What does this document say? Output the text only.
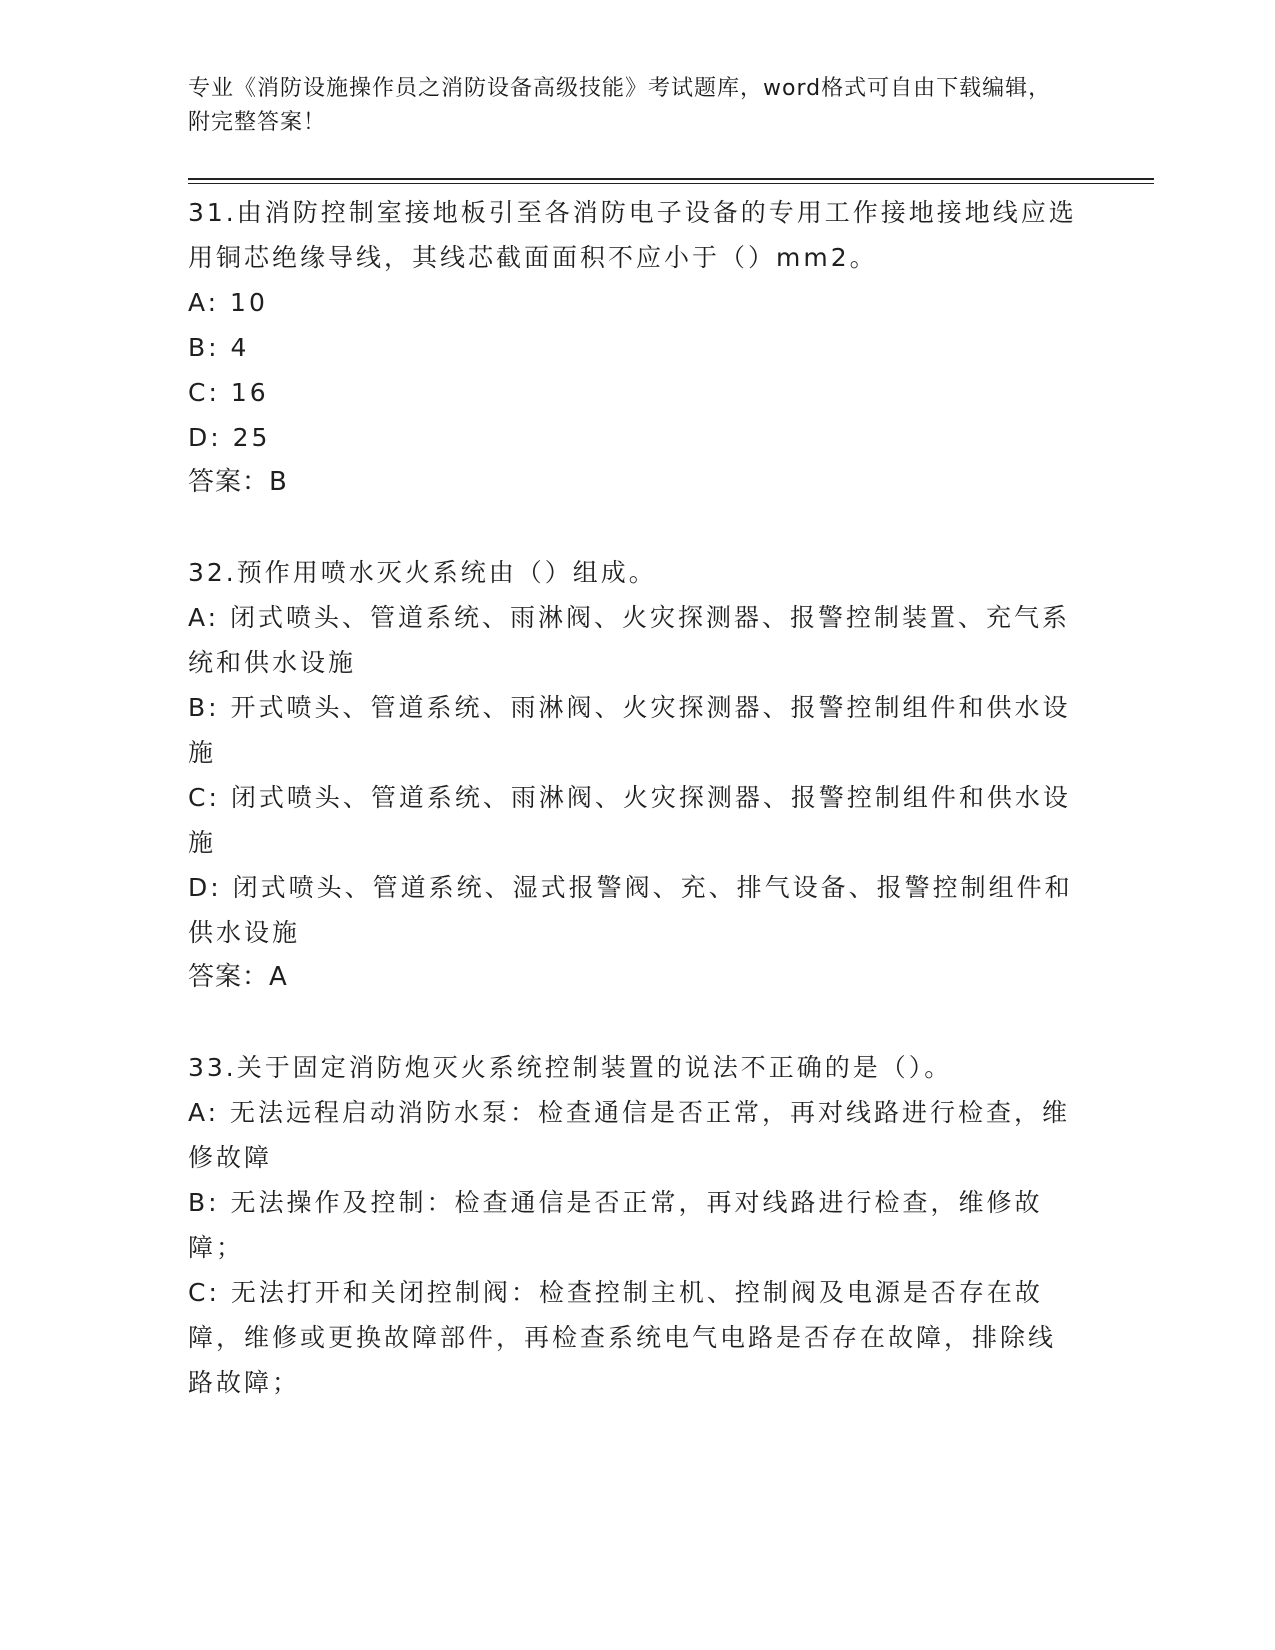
专业《消防设施操作员之消防设备高级技能》考试题库，word格式可自由下载编辑，附完整答案！

31.由消防控制室接地板引至各消防电子设备的专用工作接地接地线应选用铜芯绝缘导线，其线芯截面面积不应小于（）mm2。

A: 10

B: 4

C: 16

D: 25

答案：B

32.预作用喷水灭火系统由（）组成。

A: 闭式喷头、管道系统、雨淋阀、火灾探测器、报警控制装置、充气系统和供水设施

B: 开式喷头、管道系统、雨淋阀、火灾探测器、报警控制组件和供水设施

C: 闭式喷头、管道系统、雨淋阀、火灾探测器、报警控制组件和供水设施

D: 闭式喷头、管道系统、湿式报警阀、充、排气设备、报警控制组件和供水设施

答案：A

33.关于固定消防炮灭火系统控制装置的说法不正确的是（）。

A: 无法远程启动消防水泵：检查通信是否正常，再对线路进行检查，维修故障

B: 无法操作及控制：检查通信是否正常，再对线路进行检查，维修故障；

C: 无法打开和关闭控制阀：检查控制主机、控制阀及电源是否存在故障，维修或更换故障部件，再检查系统电气电路是否存在故障，排除线路故障；
